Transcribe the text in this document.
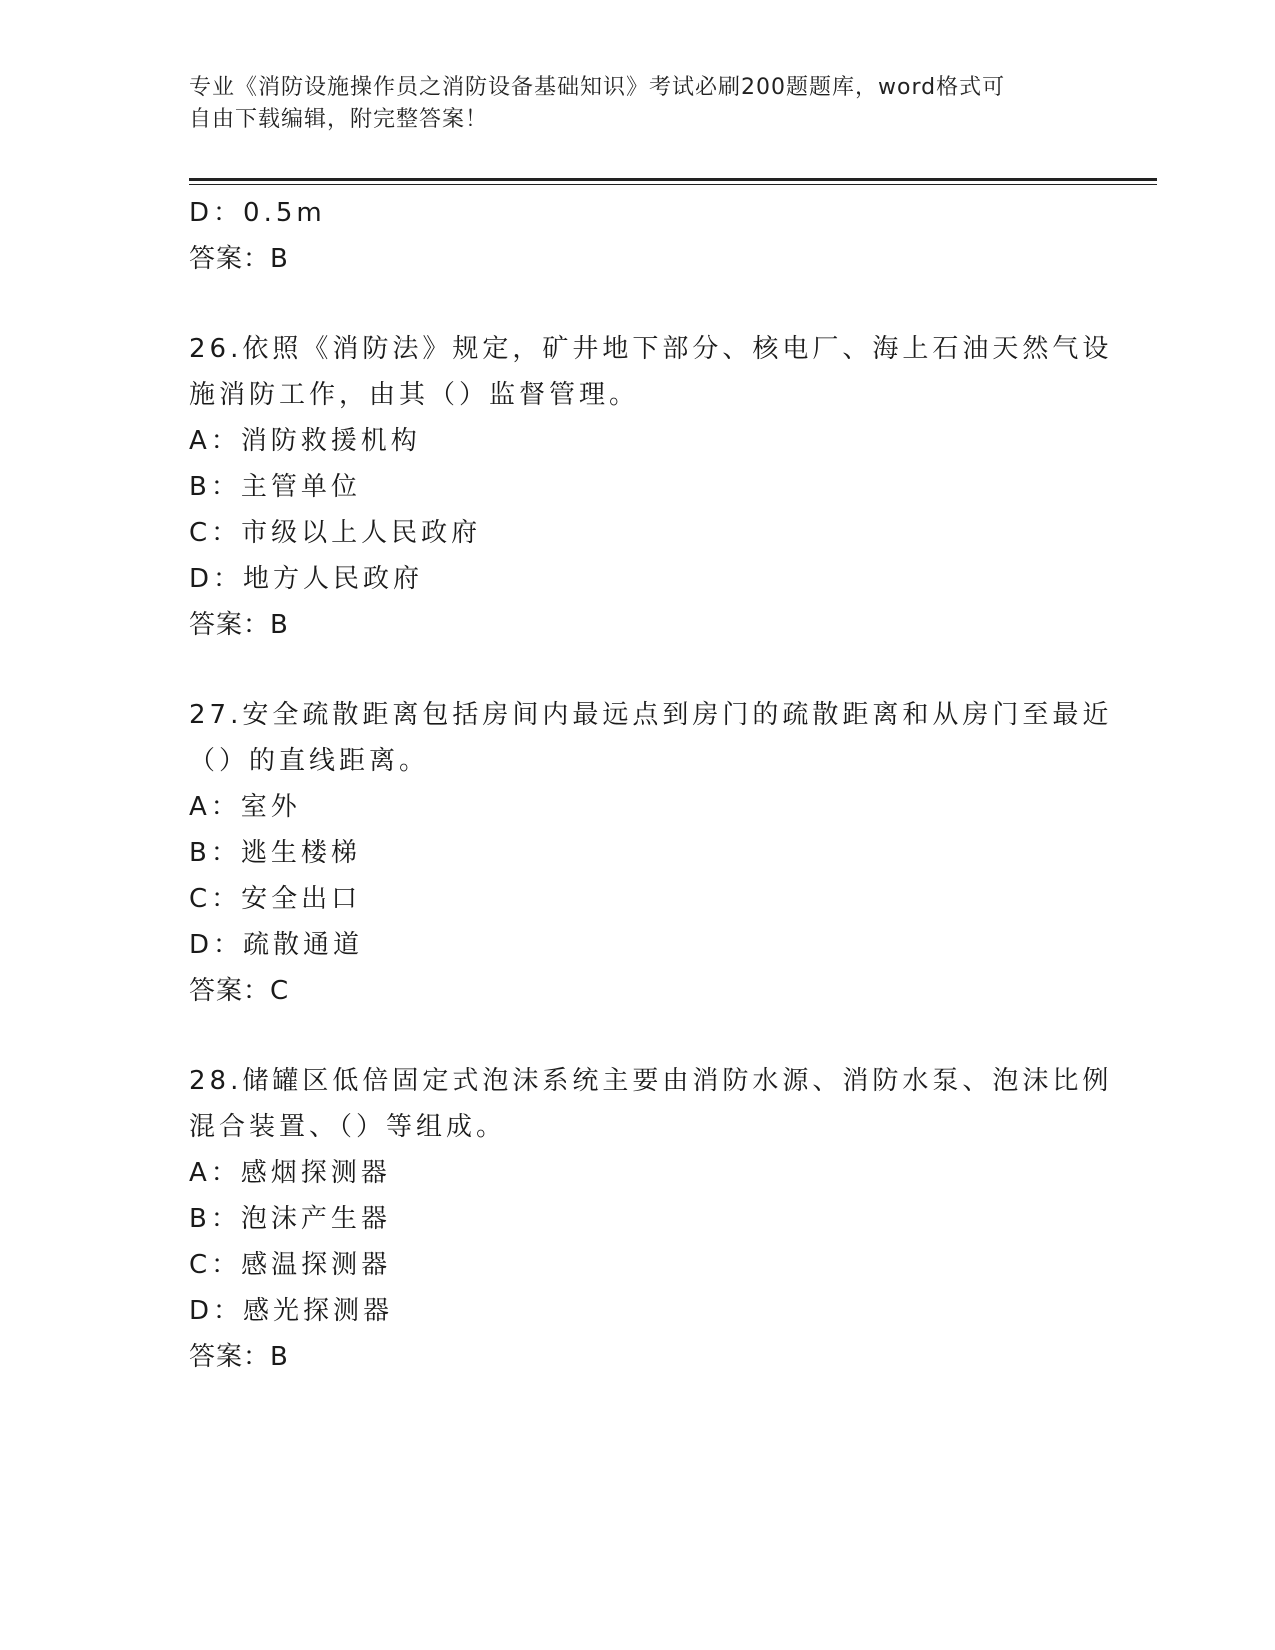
专业《消防设施操作员之消防设备基础知识》考试必刷200题题库，word格式可
自由下载编辑，附完整答案！
D：0.5m
答案：B
26.依照《消防法》规定，矿井地下部分、核电厂、海上石油天然气设
施消防工作，由其（）监督管理。
A：消防救援机构
B：主管单位
C：市级以上人民政府
D：地方人民政府
答案：B
27.安全疏散距离包括房间内最远点到房门的疏散距离和从房门至最近
（）的直线距离。
A：室外
B：逃生楼梯
C：安全出口
D：疏散通道
答案：C
28.储罐区低倍固定式泡沫系统主要由消防水源、消防水泵、泡沫比例
混合装置、（）等组成。
A：感烟探测器
B：泡沫产生器
C：感温探测器
D：感光探测器
答案：B
